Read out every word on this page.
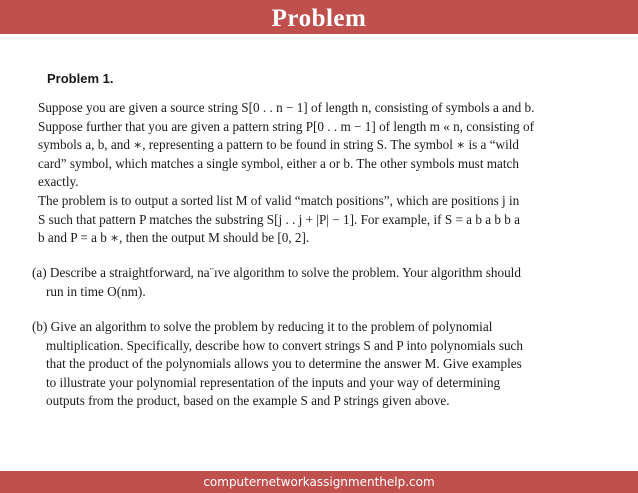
Problem
Problem 1.

Suppose you are given a source string S[0 . . n − 1] of length n, consisting of symbols a and b.
Suppose further that you are given a pattern string P[0 . . m − 1] of length m « n, consisting of
symbols a, b, and ∗, representing a pattern to be found in string S. The symbol ∗ is a “wild
card” symbol, which matches a single symbol, either a or b. The other symbols must match
exactly.

The problem is to output a sorted list M of valid “match positions”, which are positions j in
S such that pattern P matches the substring S[j . . j + |P| − 1]. For example, if S = a b a b b a
b and P = a b ∗, then the output M should be [0, 2].

(a) Describe a straightforward, na¨ıve algorithm to solve the problem. Your algorithm should
run in time O(nm).

(b) Give an algorithm to solve the problem by reducing it to the problem of polynomial
multiplication. Specifically, describe how to convert strings S and P into polynomials such
that the product of the polynomials allows you to determine the answer M. Give examples
to illustrate your polynomial representation of the inputs and your way of determining
outputs from the product, based on the example S and P strings given above.

computernetworkassignmenthelp.com
